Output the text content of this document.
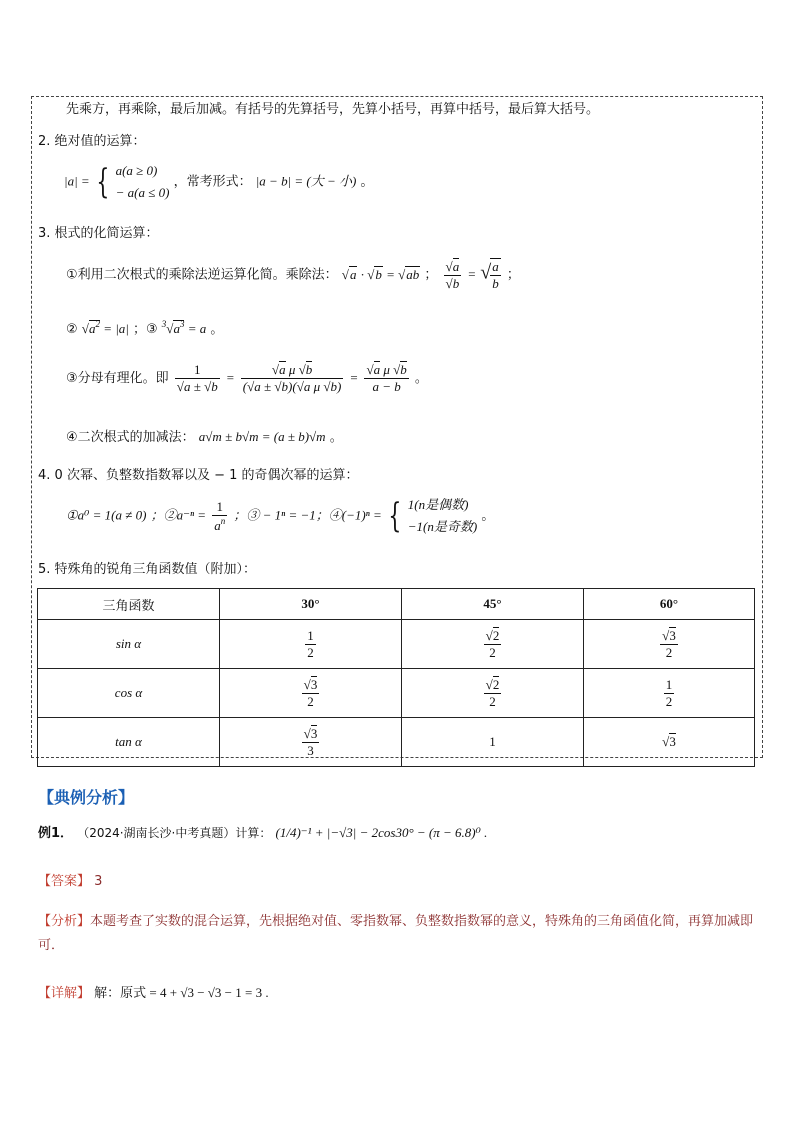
先乘方，再乘除，最后加减。有括号的先算括号，先算小括号，再算中括号，最后算大括号。
2. 绝对值的运算：
|a| = { a(a ≥ 0)
− a(a ≤ 0)
，常考形式： |a − b| = (大 − 小) 。
3. 根式的化简运算：
①利用二次根式的乘除法逆运算化简。乘除法： √a · √b = √ab ； $\frac{√a}{√b}$ = √ $\frac{a}{b}$ ；
② $√a^2 = |a|$ ；③ $^3√a^3 = a$ 。
③分母有理化。即 $\frac{1}{√a \pm √b} = \frac{\text{√a μ √b}}{\text{(√a ± √b)(√a μ √b)}} = \frac{\text{√a μ √b}}{a - b}$ 。
④二次根式的加减法： a√m ± b√m = (a ± b)√m 。
4. 0 次幂、负整数指数幂以及 − 1 的奇偶次幂的运算：
①a⁰ = 1(a ≠ 0) ；②a⁻ⁿ = $\frac{1}{a^n}$ ；③ − 1ⁿ = −1；④(−1)ⁿ = { 1(n是偶数)
−1(n是奇数)
。
5. 特殊角的锐角三角函数值（附加）：
三角函数	30°	45°	60°
sin α	$\frac{1}{2}$	$\frac{√2}{2}$	$\frac{√3}{2}$

cos α	$\frac{√3}{2}$	$\frac{√2}{2}$	$\frac{1}{2}$

tan α	$\frac{√3}{3}$	1	√3
【典例分析】
例1． （2024·湖南长沙·中考真题）计算： (1/4)⁻¹ + |−√3| − 2cos30° − (π − 6.8)⁰ .
【答案】 3
【分析】本题考查了实数的混合运算，先根据绝对值、零指数幂、负整数指数幂的意义，特殊角的三角函值化简，再算加减即可．
【详解】 解：原式 = 4 + √3 − √3 − 1 = 3 .
